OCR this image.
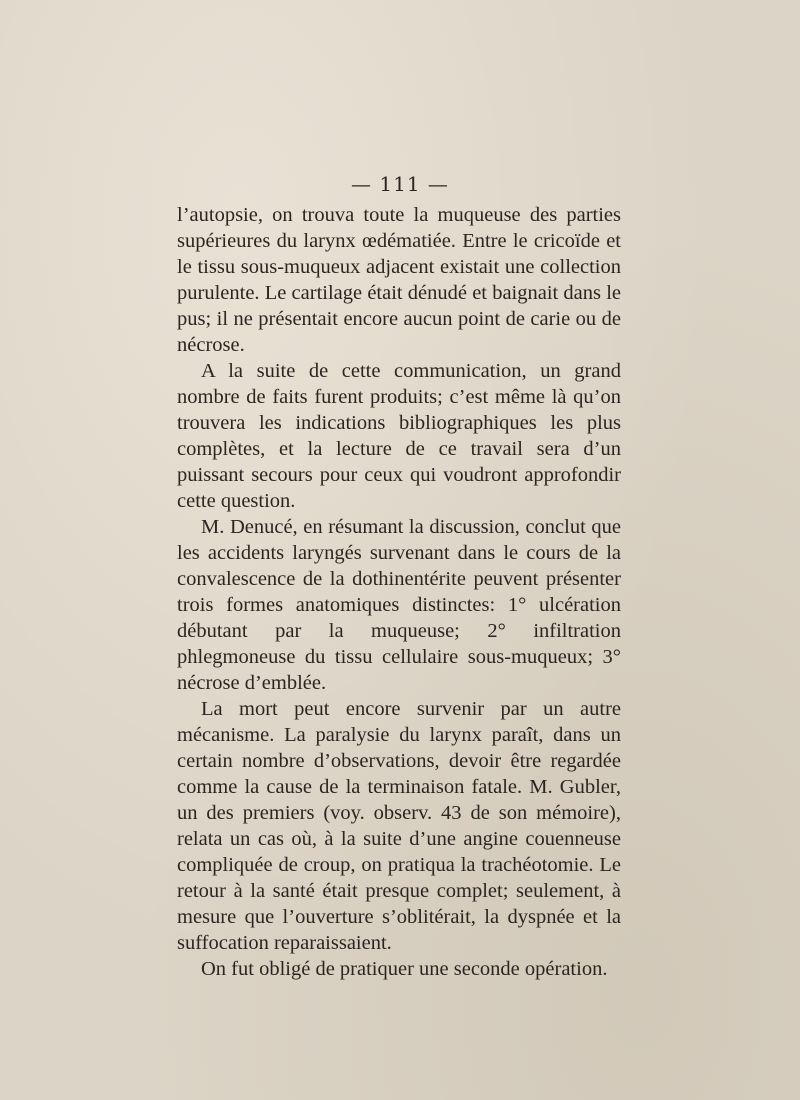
— 111 —

l’autopsie, on trouva toute la muqueuse des parties supérieures du larynx œdématiée. Entre le cricoïde et le tissu sous-muqueux adjacent existait une collection purulente. Le cartilage était dénudé et baignait dans le pus; il ne présentait encore aucun point de carie ou de nécrose.

A la suite de cette communication, un grand nombre de faits furent produits; c’est même là qu’on trouvera les indications bibliographiques les plus complètes, et la lecture de ce travail sera d’un puissant secours pour ceux qui voudront approfondir cette question.

M. Denucé, en résumant la discussion, conclut que les accidents laryngés survenant dans le cours de la convalescence de la dothinentérite peuvent présenter trois formes anatomiques distinctes: 1° ulcération débutant par la muqueuse; 2° infiltration phlegmoneuse du tissu cellulaire sous-muqueux; 3° nécrose d’emblée.

La mort peut encore survenir par un autre mécanisme. La paralysie du larynx paraît, dans un certain nombre d’observations, devoir être regardée comme la cause de la terminaison fatale. M. Gubler, un des premiers (voy. observ. 43 de son mémoire), relata un cas où, à la suite d’une angine couenneuse compliquée de croup, on pratiqua la trachéotomie. Le retour à la santé était presque complet; seulement, à mesure que l’ouverture s’oblitérait, la dyspnée et la suffocation reparaissaient.

On fut obligé de pratiquer une seconde opération.
